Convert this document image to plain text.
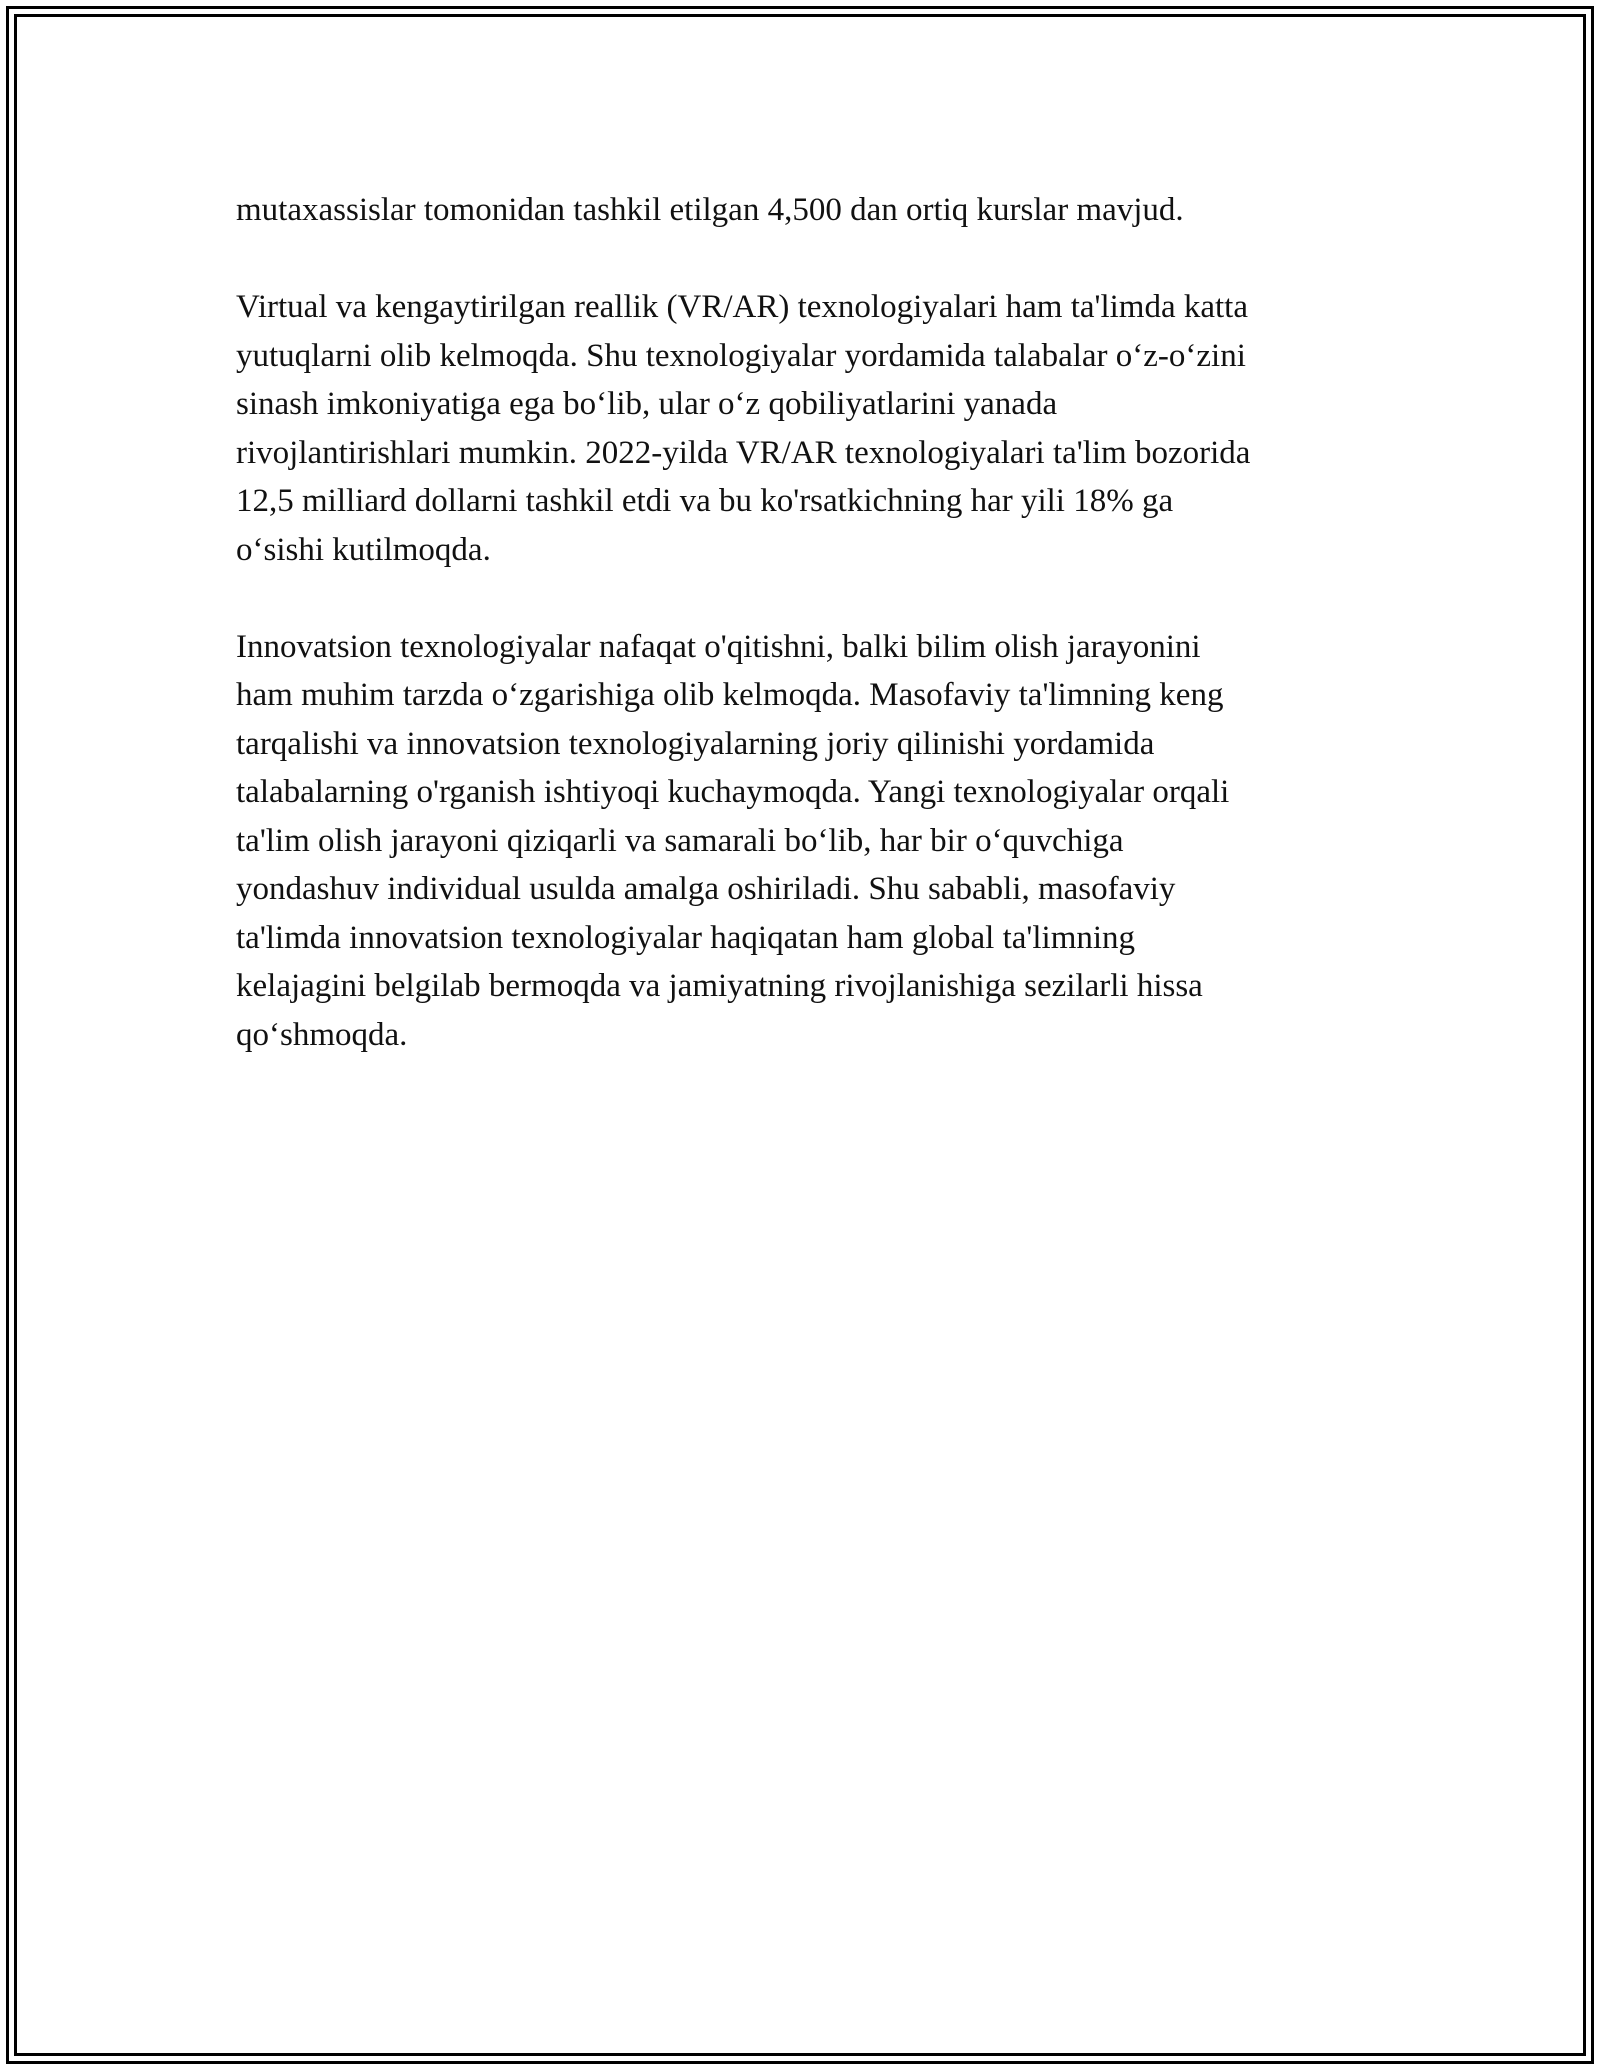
mutaxassislar tomonidan tashkil etilgan 4,500 dan ortiq kurslar mavjud.

Virtual va kengaytirilgan reallik (VR/AR) texnologiyalari ham ta'limda katta
yutuqlarni olib kelmoqda. Shu texnologiyalar yordamida talabalar o‘z-o‘zini
sinash imkoniyatiga ega bo‘lib, ular o‘z qobiliyatlarini yanada
rivojlantirishlari mumkin. 2022-yilda VR/AR texnologiyalari ta'lim bozorida
12,5 milliard dollarni tashkil etdi va bu ko'rsatkichning har yili 18% ga
o‘sishi kutilmoqda.

Innovatsion texnologiyalar nafaqat o'qitishni, balki bilim olish jarayonini
ham muhim tarzda o‘zgarishiga olib kelmoqda. Masofaviy ta'limning keng
tarqalishi va innovatsion texnologiyalarning joriy qilinishi yordamida
talabalarning o'rganish ishtiyoqi kuchaymoqda. Yangi texnologiyalar orqali
ta'lim olish jarayoni qiziqarli va samarali bo‘lib, har bir o‘quvchiga
yondashuv individual usulda amalga oshiriladi. Shu sababli, masofaviy
ta'limda innovatsion texnologiyalar haqiqatan ham global ta'limning
kelajagini belgilab bermoqda va jamiyatning rivojlanishiga sezilarli hissa
qo‘shmoqda.
